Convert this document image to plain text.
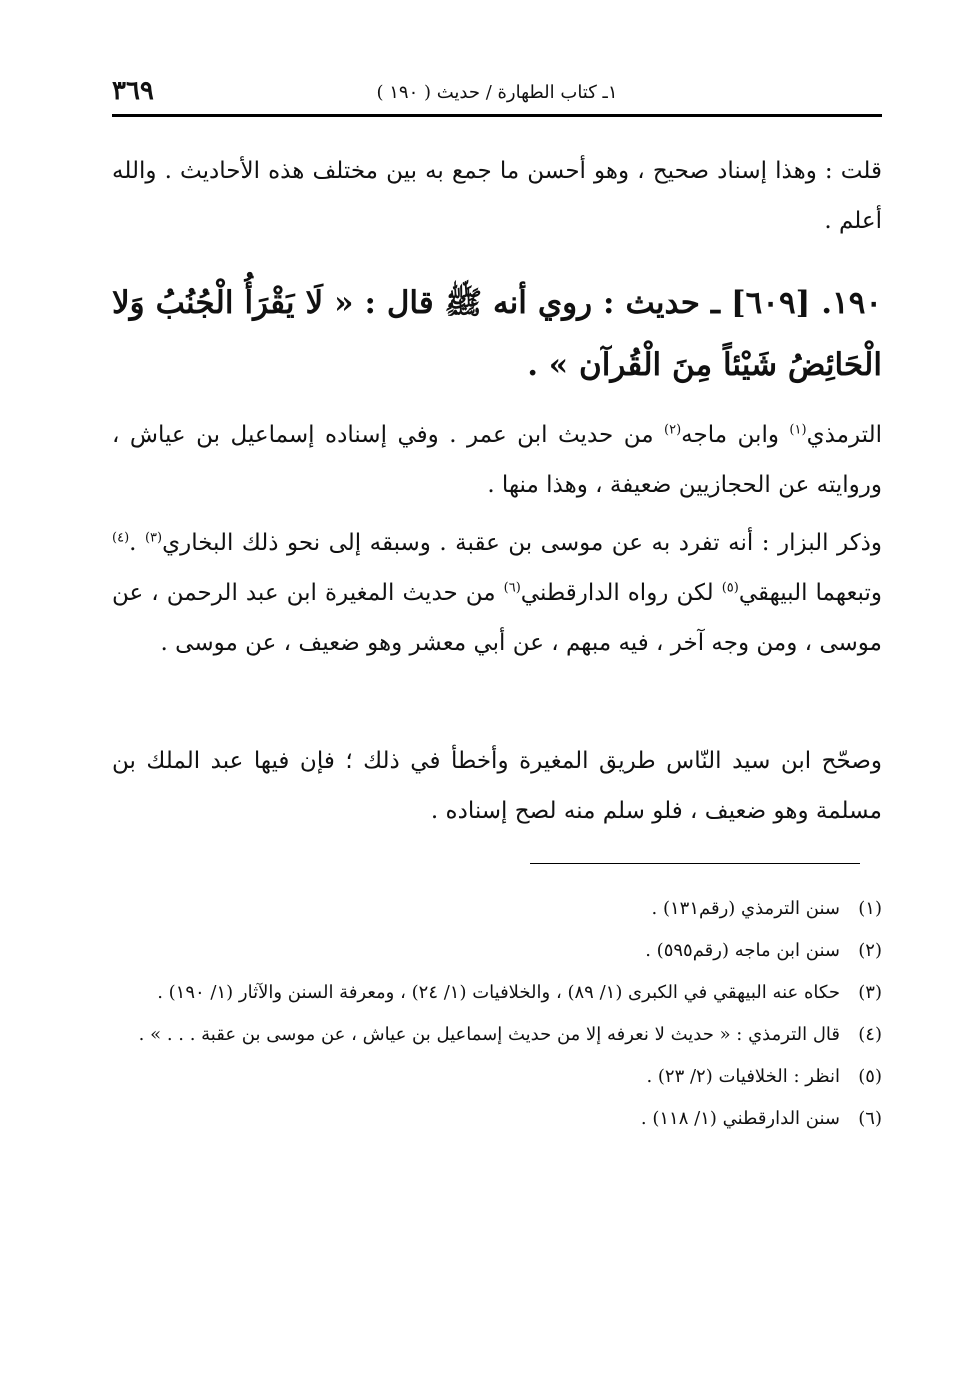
١ـ كتاب الطهارة / حديث ( ١٩٠ )
٣٦٩
قلت : وهذا إسناد صحيح ، وهو أحسن ما جمع به بين مختلف هذه الأحاديث . والله أعلم .
١٩٠. [٦٠٩] ـ حديث : روي أنه ﷺ قال : « لَا يَقْرَأُ الْجُنُبُ وَلا الْحَائِضُ شَيْئاً مِنَ الْقُرآن » .
الترمذي$^{(١)}$ وابن ماجه$^{(٢)}$ من حديث ابن عمر . وفي إسناده إسماعيل بن عياش ، وروايته عن الحجازيين ضعيفة ، وهذا منها .
وذكر البزار : أنه تفرد به عن موسى بن عقبة . وسبقه إلى نحو ذلك البخاري$^{(٣)}$ .$^{(٤)}$ وتبعهما البيهقي$^{(٥)}$ لكن رواه الدارقطني$^{(٦)}$ من حديث المغيرة ابن عبد الرحمن ، عن موسى ، ومن وجه آخر ، فيه مبهم ، عن أبي معشر وهو ضعيف ، عن موسى .
وصحّح ابن سيد النّاس طريق المغيرة وأخطأ في ذلك ؛ فإن فيها عبد الملك بن مسلمة وهو ضعيف ، فلو سلم منه لصح إسناده .
(١)
سنن الترمذي (رقم١٣١) .
(٢)
سنن ابن ماجه (رقم٥٩٥) .
(٣)
حكاه عنه البيهقي في الكبرى (١/ ٨٩) ، والخلافيات (١/ ٢٤) ، ومعرفة السنن والآثار (١/ ١٩٠) .
(٤)
قال الترمذي : « حديث لا نعرفه إلا من حديث إسماعيل بن عياش ، عن موسى بن عقبة . . . » .
(٥)
انظر : الخلافيات (٢/ ٢٣) .
(٦)
سنن الدارقطني (١/ ١١٨) .
